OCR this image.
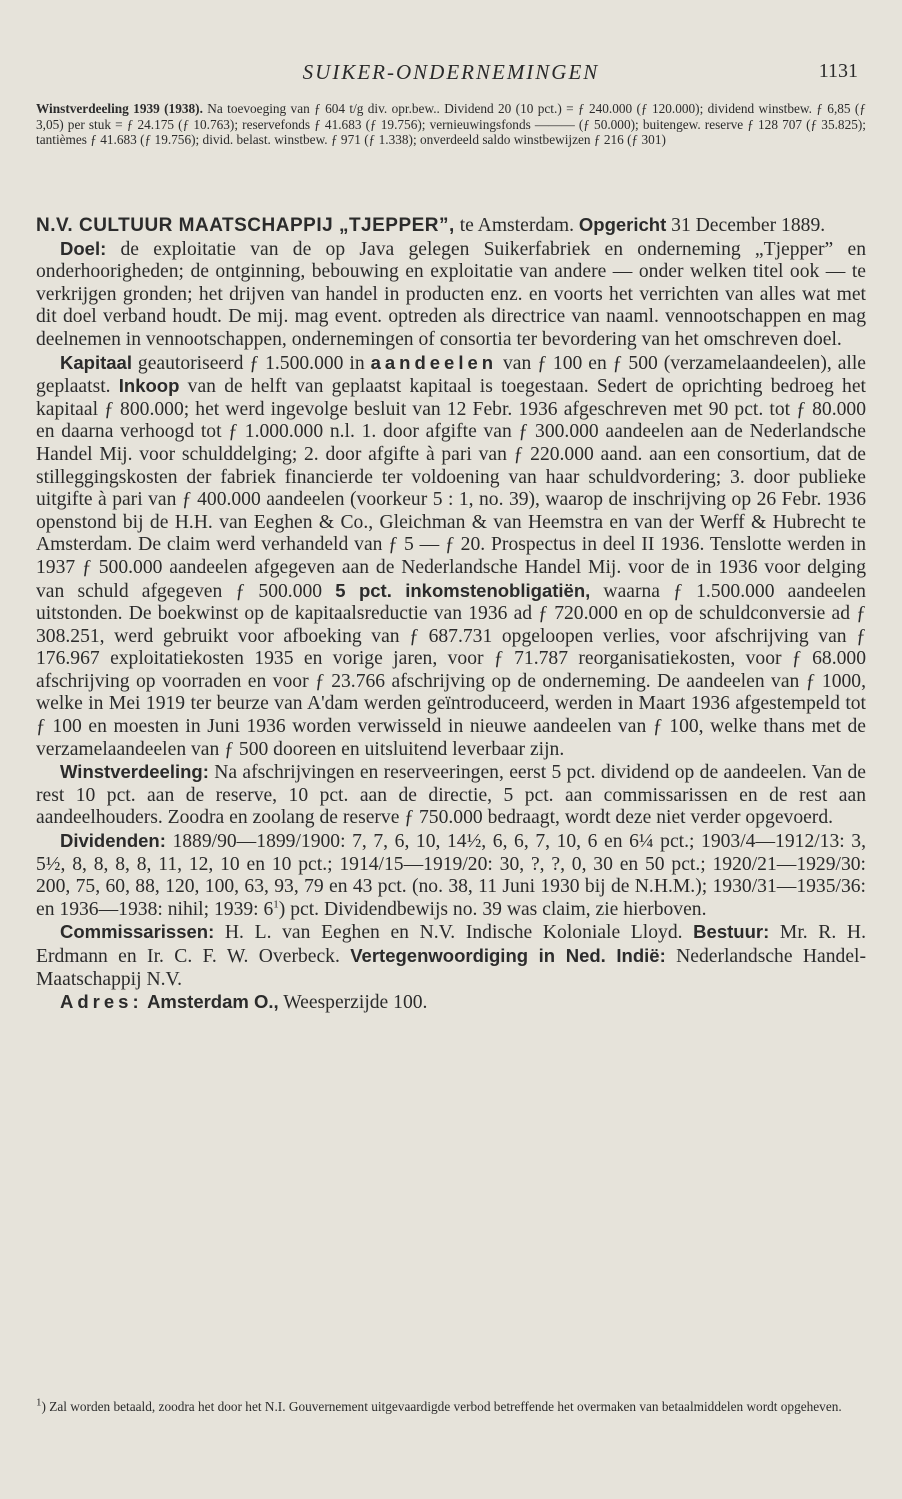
SUIKER-ONDERNEMINGEN	1131
Winstverdeeling 1939 (1938). Na toevoeging van ƒ 604 t/g div. opr.bew.. Dividend 20 (10 pct.) = ƒ 240.000 (ƒ 120.000); dividend winstbew. ƒ 6,85 (ƒ 3,05) per stuk = ƒ 24.175 (ƒ 10.763); reservefonds ƒ 41.683 (ƒ 19.756); vernieuwingsfonds ——— (ƒ 50.000); buitengew. reserve ƒ 128 707 (ƒ 35.825); tantièmes ƒ 41.683 (ƒ 19.756); divid. belast. winstbew. ƒ 971 (ƒ 1.338); onverdeeld saldo winstbewijzen ƒ 216 (ƒ 301)

N.V. CULTUUR MAATSCHAPPIJ „TJEPPER”, te Amsterdam. Opgericht 31 December 1889.

Doel: de exploitatie van de op Java gelegen Suikerfabriek en onderneming „Tjepper” en onderhoorigheden; de ontginning, bebouwing en exploitatie van andere — onder welken titel ook — te verkrijgen gronden; het drijven van handel in producten enz. en voorts het verrichten van alles wat met dit doel verband houdt. De mij. mag event. optreden als directrice van naaml. vennootschappen en mag deelnemen in vennootschappen, ondernemingen of consortia ter bevordering van het omschreven doel.

Kapitaal geautoriseerd ƒ 1.500.000 in aandeelen van ƒ 100 en ƒ 500 (verzamelaandeelen), alle geplaatst. Inkoop van de helft van geplaatst kapitaal is toegestaan. Sedert de oprichting bedroeg het kapitaal ƒ 800.000; het werd ingevolge besluit van 12 Febr. 1936 afgeschreven met 90 pct. tot ƒ 80.000 en daarna verhoogd tot ƒ 1.000.000 n.l. 1. door afgifte van ƒ 300.000 aandeelen aan de Nederlandsche Handel Mij. voor schulddelging; 2. door afgifte à pari van ƒ 220.000 aand. aan een consortium, dat de stilleggingskosten der fabriek financierde ter voldoening van haar schuldvordering; 3. door publieke uitgifte à pari van ƒ 400.000 aandeelen (voorkeur 5 : 1, no. 39), waarop de inschrijving op 26 Febr. 1936 openstond bij de H.H. van Eeghen & Co., Gleichman & van Heemstra en van der Werff & Hubrecht te Amsterdam. De claim werd verhandeld van ƒ 5 — ƒ 20. Prospectus in deel II 1936. Tenslotte werden in 1937 ƒ 500.000 aandeelen afgegeven aan de Nederlandsche Handel Mij. voor de in 1936 voor delging van schuld afgegeven ƒ 500.000 5 pct. inkomstenobligatiën, waarna ƒ 1.500.000 aandeelen uitstonden. De boekwinst op de kapitaalsreductie van 1936 ad ƒ 720.000 en op de schuldconversie ad ƒ 308.251, werd gebruikt voor afboeking van ƒ 687.731 opgeloopen verlies, voor afschrijving van ƒ 176.967 exploitatiekosten 1935 en vorige jaren, voor ƒ 71.787 reorganisatiekosten, voor ƒ 68.000 afschrijving op voorraden en voor ƒ 23.766 afschrijving op de onderneming. De aandeelen van ƒ 1000, welke in Mei 1919 ter beurze van A'dam werden geïntroduceerd, werden in Maart 1936 afgestempeld tot ƒ 100 en moesten in Juni 1936 worden verwisseld in nieuwe aandeelen van ƒ 100, welke thans met de verzamelaandeelen van ƒ 500 dooreen en uitsluitend leverbaar zijn.

Winstverdeeling: Na afschrijvingen en reserveeringen, eerst 5 pct. dividend op de aandeelen. Van de rest 10 pct. aan de reserve, 10 pct. aan de directie, 5 pct. aan commissarissen en de rest aan aandeelhouders. Zoodra en zoolang de reserve ƒ 750.000 bedraagt, wordt deze niet verder opgevoerd.

Dividenden: 1889/90—1899/1900: 7, 7, 6, 10, 14½, 6, 6, 7, 10, 6 en 6¼ pct.; 1903/4—1912/13: 3, 5½, 8, 8, 8, 8, 11, 12, 10 en 10 pct.; 1914/15—1919/20: 30, ?, ?, 0, 30 en 50 pct.; 1920/21—1929/30: 200, 75, 60, 88, 120, 100, 63, 93, 79 en 43 pct. (no. 38, 11 Juni 1930 bij de N.H.M.); 1930/31—1935/36: en 1936—1938: nihil; 1939: $6^1$) pct. Dividendbewijs no. 39 was claim, zie hierboven.

Commissarissen: H. L. van Eeghen en N.V. Indische Koloniale Lloyd. Bestuur: Mr. R. H. Erdmann en Ir. C. F. W. Overbeck. Vertegenwoordiging in Ned. Indië: Nederlandsche Handel-Maatschappij N.V.

Adres: Amsterdam O., Weesperzijde 100.

$^1$) Zal worden betaald, zoodra het door het N.I. Gouvernement uitgevaardigde verbod betreffende het overmaken van betaalmiddelen wordt opgeheven.
